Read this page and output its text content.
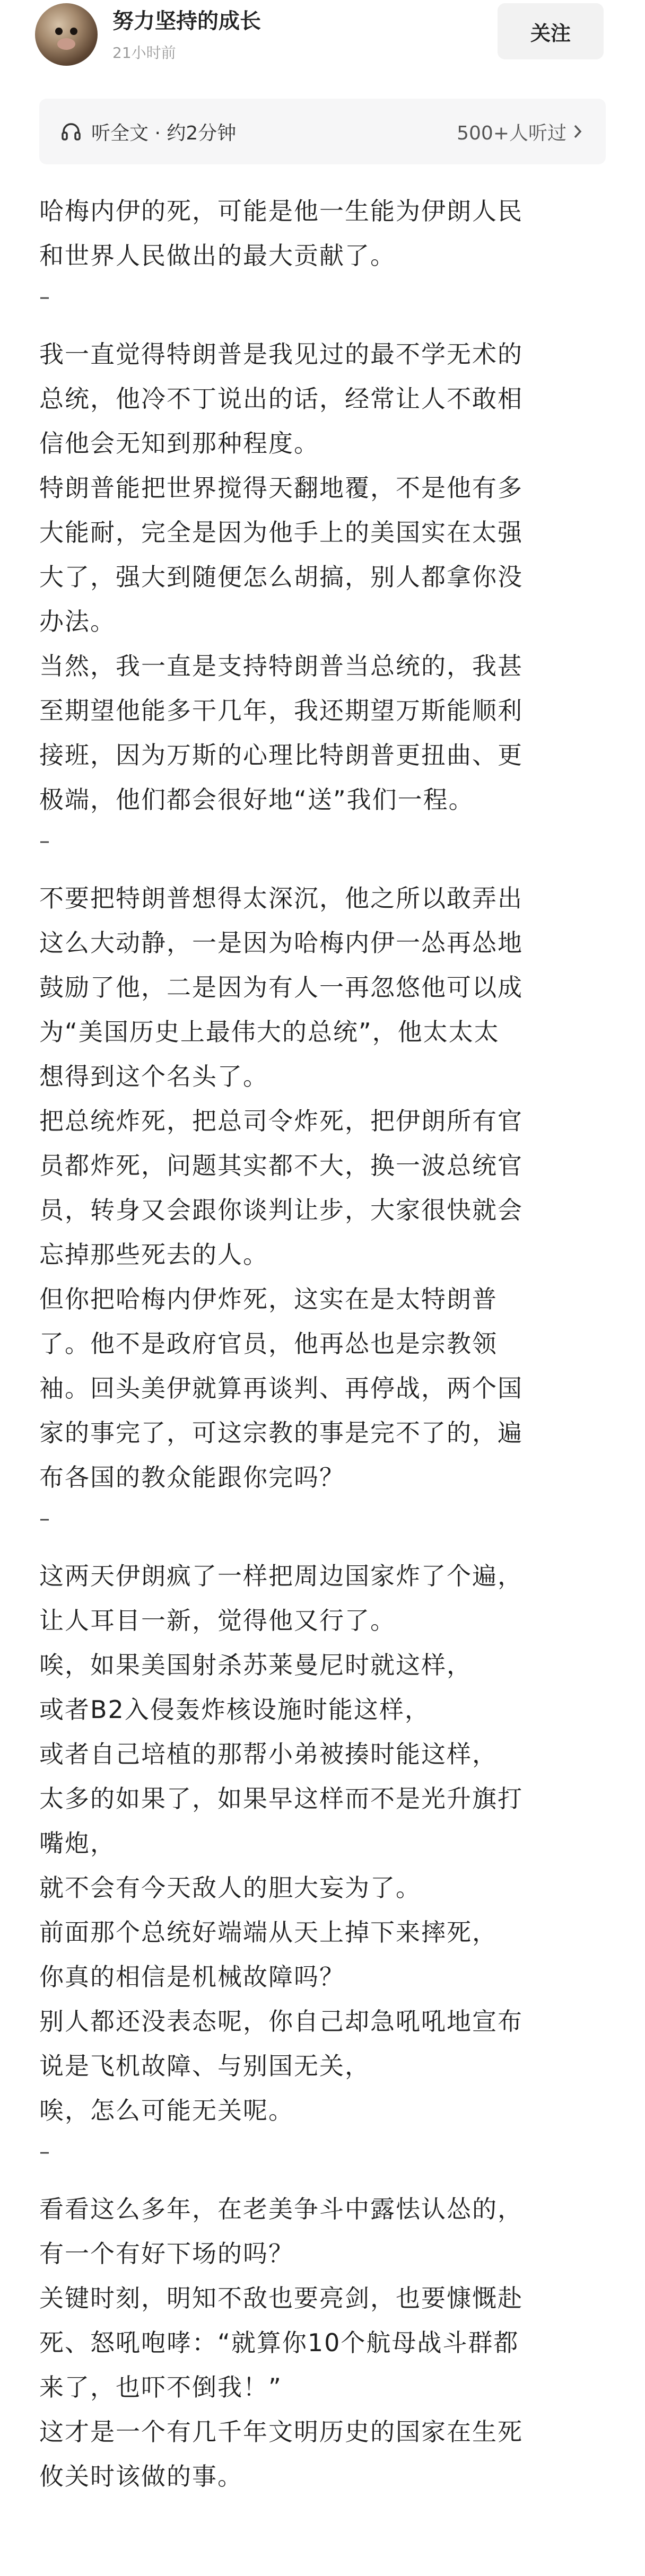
努力坚持的成长
21小时前
关注
听全文 · 约2分钟	500+人听过

哈梅内伊的死，可能是他一生能为伊朗人民
和世界人民做出的最大贡献了。

–

我一直觉得特朗普是我见过的最不学无术的
总统，他冷不丁说出的话，经常让人不敢相
信他会无知到那种程度。

特朗普能把世界搅得天翻地覆，不是他有多
大能耐，完全是因为他手上的美国实在太强
大了，强大到随便怎么胡搞，别人都拿你没
办法。

当然，我一直是支持特朗普当总统的，我甚
至期望他能多干几年，我还期望万斯能顺利
接班，因为万斯的心理比特朗普更扭曲、更
极端，他们都会很好地“送”我们一程。

–

不要把特朗普想得太深沉，他之所以敢弄出
这么大动静，一是因为哈梅内伊一怂再怂地
鼓励了他，二是因为有人一再忽悠他可以成
为“美国历史上最伟大的总统”，他太太太
想得到这个名头了。

把总统炸死，把总司令炸死，把伊朗所有官
员都炸死，问题其实都不大，换一波总统官
员，转身又会跟你谈判让步，大家很快就会
忘掉那些死去的人。

但你把哈梅内伊炸死，这实在是太特朗普
了。他不是政府官员，他再怂也是宗教领
袖。回头美伊就算再谈判、再停战，两个国
家的事完了，可这宗教的事是完不了的，遍
布各国的教众能跟你完吗？

–

这两天伊朗疯了一样把周边国家炸了个遍，
让人耳目一新，觉得他又行了。

唉，如果美国射杀苏莱曼尼时就这样，

或者B2入侵轰炸核设施时能这样，

或者自己培植的那帮小弟被揍时能这样，

太多的如果了，如果早这样而不是光升旗打
嘴炮，

就不会有今天敌人的胆大妄为了。

前面那个总统好端端从天上掉下来摔死，
你真的相信是机械故障吗？

别人都还没表态呢，你自己却急吼吼地宣布
说是飞机故障、与别国无关，

唉，怎么可能无关呢。

–

看看这么多年，在老美争斗中露怯认怂的，
有一个有好下场的吗？

关键时刻，明知不敌也要亮剑，也要慷慨赴
死、怒吼咆哮：“就算你10个航母战斗群都
来了，也吓不倒我！”

这才是一个有几千年文明历史的国家在生死
攸关时该做的事。
